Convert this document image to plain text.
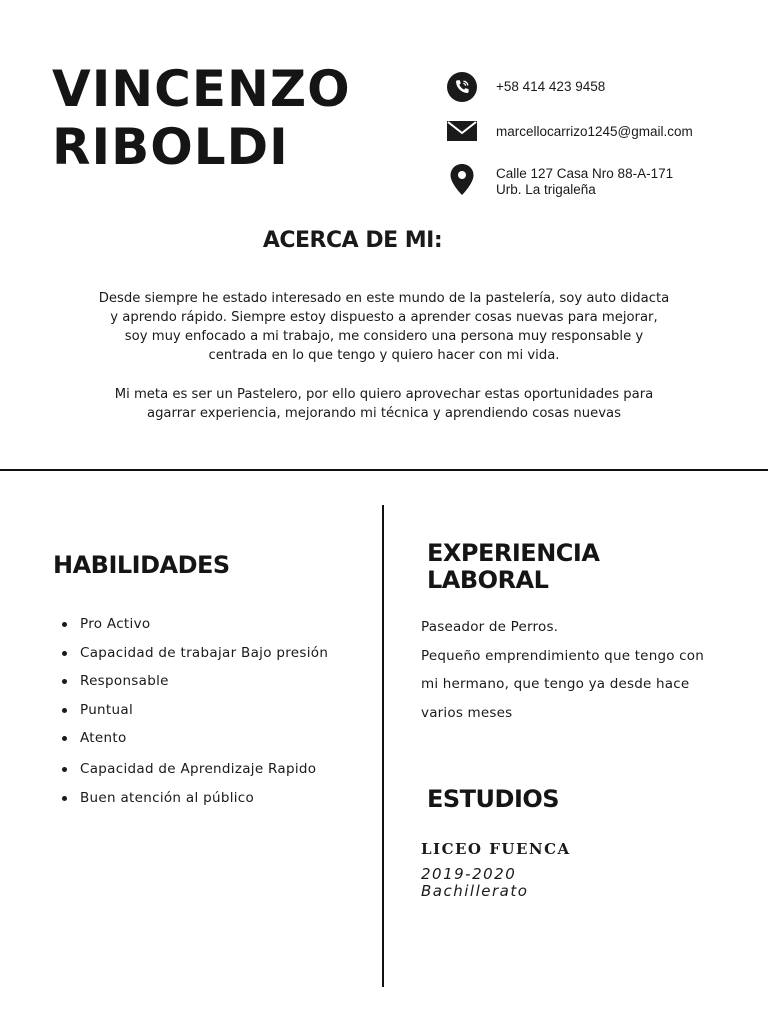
VINCENZO
RIBOLDI
+58 414 423 9458
marcellocarrizo1245@gmail.com
Calle 127 Casa Nro 88-A-171
Urb. La trigaleña
ACERCA DE MI:
Desde siempre he estado interesado en este mundo de la pastelería, soy auto didacta
y aprendo rápido. Siempre estoy dispuesto a aprender cosas nuevas para mejorar,
soy muy enfocado a mi trabajo, me considero una persona muy responsable y
centrada en lo que tengo y quiero hacer con mi vida.
Mi meta es ser un Pastelero, por ello quiero aprovechar estas oportunidades para
agarrar experiencia, mejorando mi técnica y aprendiendo cosas nuevas
HABILIDADES
Pro Activo
Capacidad de trabajar Bajo presión
Responsable
Puntual
Atento
Capacidad de Aprendizaje Rapido
Buen atención al público
EXPERIENCIA
LABORAL
Paseador de Perros.
Pequeño emprendimiento que tengo con
mi hermano, que tengo ya desde hace
varios meses
ESTUDIOS
LICEO FUENCA
2019-2020
Bachillerato
